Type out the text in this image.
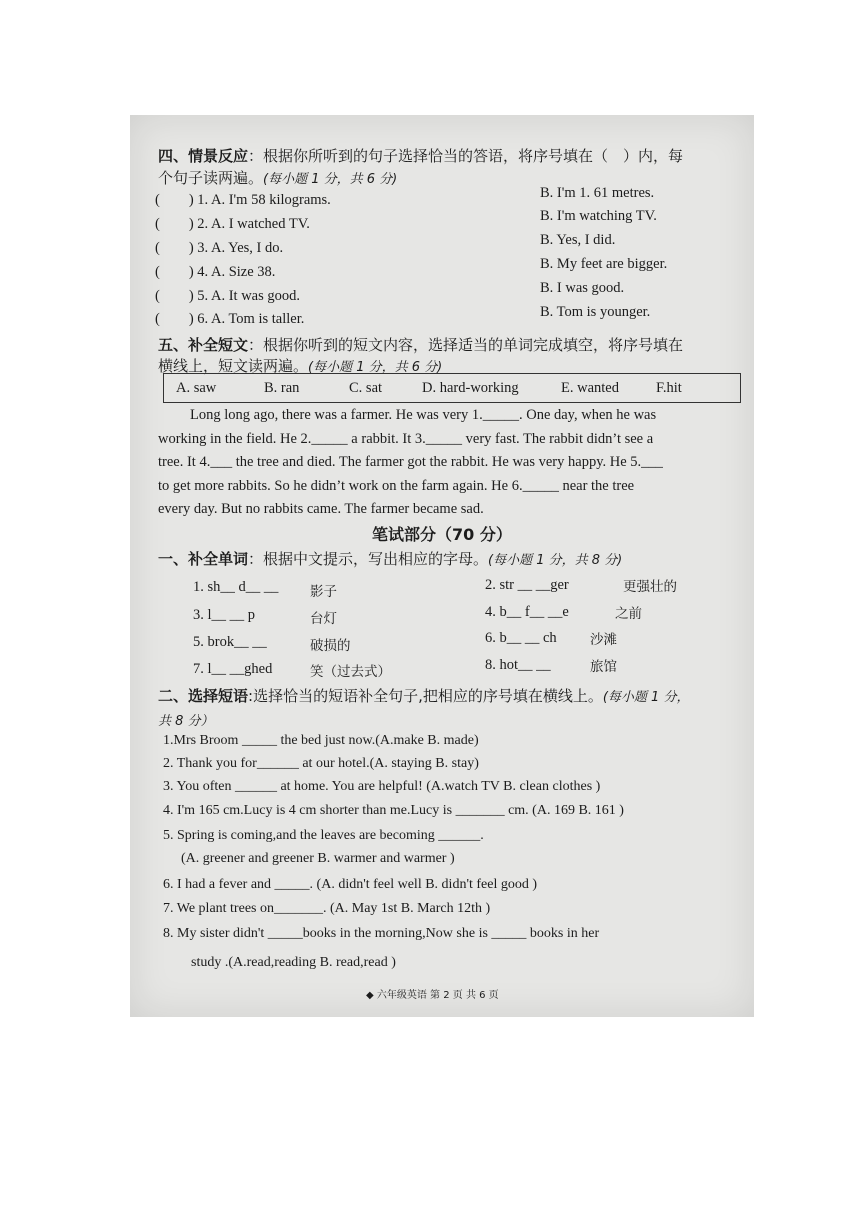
四、情景反应：根据你所听到的句子选择恰当的答语，将序号填在（　）内，每
个句子读两遍。(每小题 1 分，共 6 分)
(　　) 1. A. I'm 58 kilograms.	B. I'm 1. 61 metres.
(　　) 2. A. I watched TV.	B. I'm watching TV.
(　　) 3. A. Yes, I do.	B. Yes, I did.
(　　) 4. A. Size 38.	B. My feet are bigger.
(　　) 5. A. It was good.	B. I was good.
(　　) 6. A. Tom is taller.	B. Tom is younger.
五、补全短文：根据你听到的短文内容，选择适当的单词完成填空，将序号填在
横线上，短文读两遍。(每小题 1 分，共 6 分)
A. saw	B. ran	C. sat	D. hard-working	E. wanted	F.hit
Long long ago, there was a farmer. He was very 1._____. One day, when he was
working in the field. He 2._____ a rabbit. It 3._____ very fast. The rabbit didn’t see a
tree. It 4.___ the tree and died. The farmer got the rabbit. He was very happy. He 5.___
to get more rabbits. So he didn’t work on the farm again. He 6._____ near the tree
every day. But no rabbits came. The farmer became sad.
笔试部分（70 分）
一、补全单词：根据中文提示，写出相应的字母。(每小题 1 分，共 8 分)
1. sh__ d__ __ 影子	2. str __ __ger	更强壮的
3. l__ __ p	台灯	4. b__ f__ __e	之前
5. brok__ __	破损的	6. b__ __ ch 沙滩
7. l__ __ghed	笑（过去式）	8. hot__ __	旅馆
二、选择短语:选择恰当的短语补全句子,把相应的序号填在横线上。(每小题 1 分，
共 8 分）
1.Mrs Broom _____ the bed just now.(A.make B. made)
2. Thank you for______ at our hotel.(A. staying B. stay)
3. You often ______ at home. You are helpful! (A.watch TV B. clean clothes )
4. I'm 165 cm.Lucy is 4 cm shorter than me.Lucy is _______ cm. (A. 169 B. 161 )
5. Spring is coming,and the leaves are becoming ______.
(A. greener and greener B. warmer and warmer )
6. I had a fever and _____. (A. didn't feel well B. didn't feel good )
7. We plant trees on_______. (A. May 1st B. March 12th )
8. My sister didn't _____books in the morning,Now she is _____ books in her
study .(A.read,reading B. read,read )
◆ 六年级英语 第 2 页 共 6 页
